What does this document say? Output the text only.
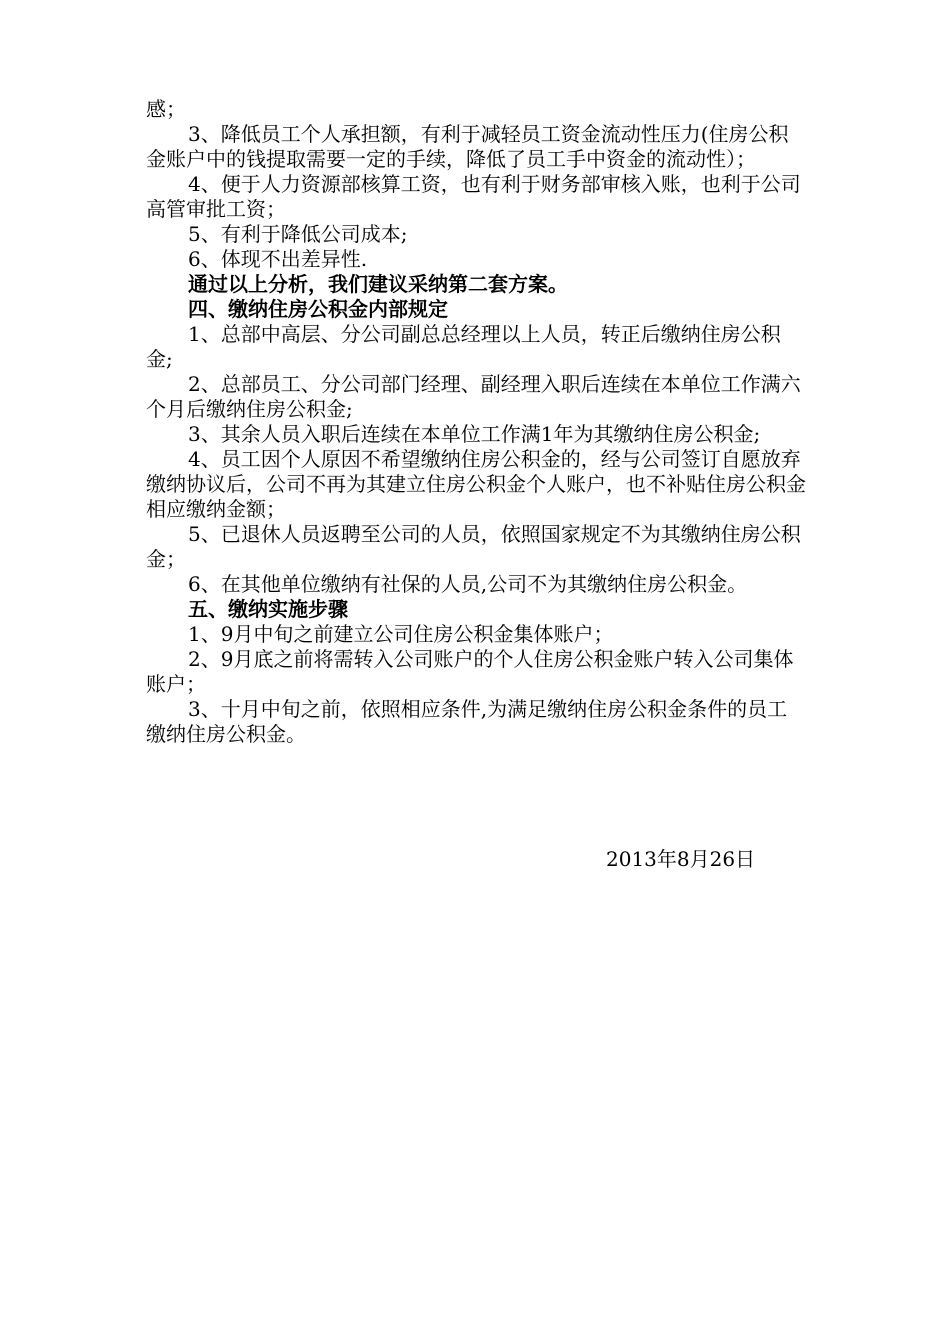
感；

3、降低员工个人承担额，有利于减轻员工资金流动性压力(住房公积金账户中的钱提取需要一定的手续，降低了员工手中资金的流动性）；

4、便于人力资源部核算工资，也有利于财务部审核入账，也利于公司高管审批工资；

5、有利于降低公司成本;

6、体现不出差异性.

通过以上分析，我们建议采纳第二套方案。

四、缴纳住房公积金内部规定

1、总部中高层、分公司副总总经理以上人员，转正后缴纳住房公积金;

2、总部员工、分公司部门经理、副经理入职后连续在本单位工作满六个月后缴纳住房公积金;

3、其余人员入职后连续在本单位工作满1年为其缴纳住房公积金;

4、员工因个人原因不希望缴纳住房公积金的，经与公司签订自愿放弃缴纳协议后，公司不再为其建立住房公积金个人账户，也不补贴住房公积金相应缴纳金额；

5、已退休人员返聘至公司的人员，依照国家规定不为其缴纳住房公积金；

6、在其他单位缴纳有社保的人员,公司不为其缴纳住房公积金。

五、缴纳实施步骤

1、9月中旬之前建立公司住房公积金集体账户；

2、9月底之前将需转入公司账户的个人住房公积金账户转入公司集体账户；

3、十月中旬之前，依照相应条件,为满足缴纳住房公积金条件的员工缴纳住房公积金。

2013年8月26日
